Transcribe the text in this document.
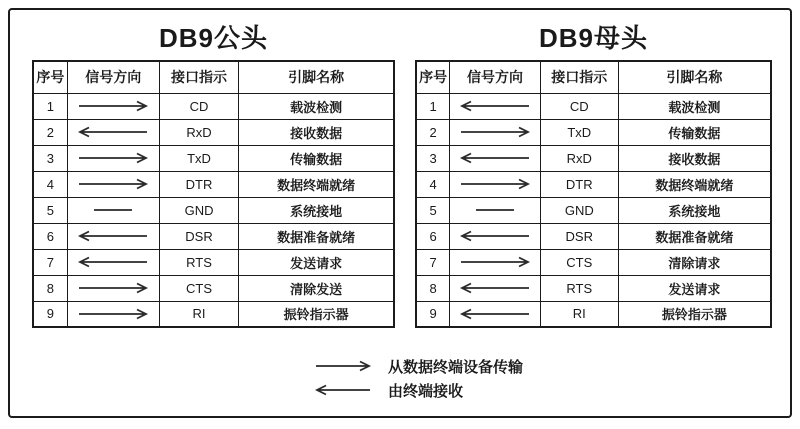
DB9公头
序号	信号方向	接口指示	引脚名称
1		CD	载波检测
2		RxD	接收数据
3		TxD	传输数据
4		DTR	数据终端就绪
5		GND	系统接地
6		DSR	数据准备就绪
7		RTS	发送请求
8		CTS	清除发送
9		RI	振铃指示器
DB9母头
序号	信号方向	接口指示	引脚名称
1		CD	载波检测
2		TxD	传输数据
3		RxD	接收数据
4		DTR	数据终端就绪
5		GND	系统接地
6		DSR	数据准备就绪
7		CTS	清除请求
8		RTS	发送请求
9		RI	振铃指示器
从数据终端设备传输
由终端接收
